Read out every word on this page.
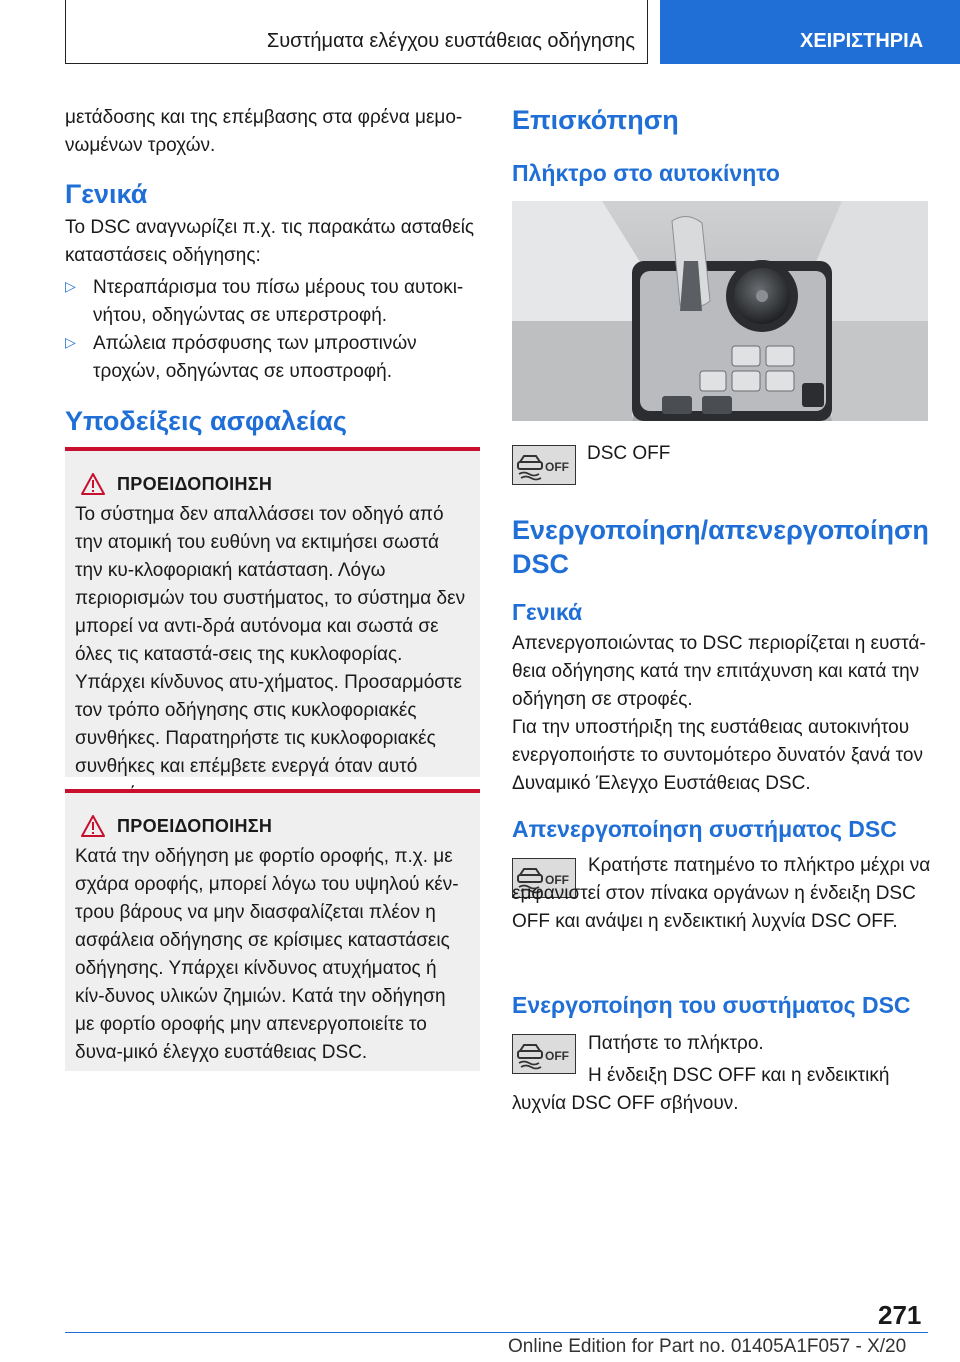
Συστήματα ελέγχου ευστάθειας οδήγησης	ΧΕΙΡΙΣΤΗΡΙΑ

μετάδοσης και της επέμβασης στα φρένα μεμο-νωμένων τροχών.

Γενικά

Το DSC αναγνωρίζει π.χ. τις παρακάτω ασταθείς καταστάσεις οδήγησης:

▷ Ντεραπάρισμα του πίσω μέρους του αυτοκι-νήτου, οδηγώντας σε υπερστροφή.
▷ Απώλεια πρόσφυσης των μπροστινών τροχών, οδηγώντας σε υποστροφή.
Υποδείξεις ασφαλείας
ΠΡΟΕΙΔΟΠΟΙΗΣΗ
Το σύστημα δεν απαλλάσσει τον οδηγό από την ατομική του ευθύνη να εκτιμήσει σωστά την κυ-κλοφοριακή κατάσταση. Λόγω περιορισμών του συστήματος, το σύστημα δεν μπορεί να αντι-δρά αυτόνομα και σωστά σε όλες τις καταστά-σεις της κυκλοφορίας. Υπάρχει κίνδυνος ατυ-χήματος. Προσαρμόστε τον τρόπο οδήγησης στις κυκλοφοριακές συνθήκες. Παρατηρήστε τις κυκλοφοριακές συνθήκες και επέμβετε ενεργά όταν αυτό
ΠΡΟΕΙΔΟΠΟΙΗΣΗ
Κατά την οδήγηση με φορτίο οροφής, π.χ. με σχάρα οροφής, μπορεί λόγω του υψηλού κέν-τρου βάρους να μην διασφαλίζεται πλέον η ασφάλεια οδήγησης σε κρίσιμες καταστάσεις οδήγησης. Υπάρχει κίνδυνος ατυχήματος ή κίν-δυνος υλικών ζημιών. Κατά την οδήγηση με φορτίο οροφής μην απενεργοποιείτε το δυνα-μικό έλεγχο ευστάθειας DSC.
Επισκόπηση
Πλήκτρο στο αυτοκίνητο
OFF

DSC OFF

Ενεργοποίηση/απενεργοποίηση DSC
Γενικά

Απενεργοποιώντας το DSC περιορίζεται η ευστά-θεια οδήγησης κατά την επιτάχυνση και κατά την οδήγηση σε στροφές.

Για την υποστήριξη της ευστάθειας αυτοκινήτου ενεργοποιήστε το συντομότερο δυνατόν ξανά τον Δυναμικό Έλεγχο Ευστάθειας DSC.

Απενεργοποίηση συστήματος DSC
OFF

Κρατήστε πατημένο το πλήκτρο μέχρι να εμφανιστεί στον πίνακα οργάνων η ένδειξη DSC OFF και ανάψει η ενδεικτική λυχνία DSC OFF.

Ενεργοποίηση του συστήματος DSC
OFF

Πατήστε το πλήκτρο.

Η ένδειξη DSC OFF και η ενδεικτική λυχνία DSC OFF σβήνουν.

271
Online Edition for Part no. 01405A1F057 - X/20
